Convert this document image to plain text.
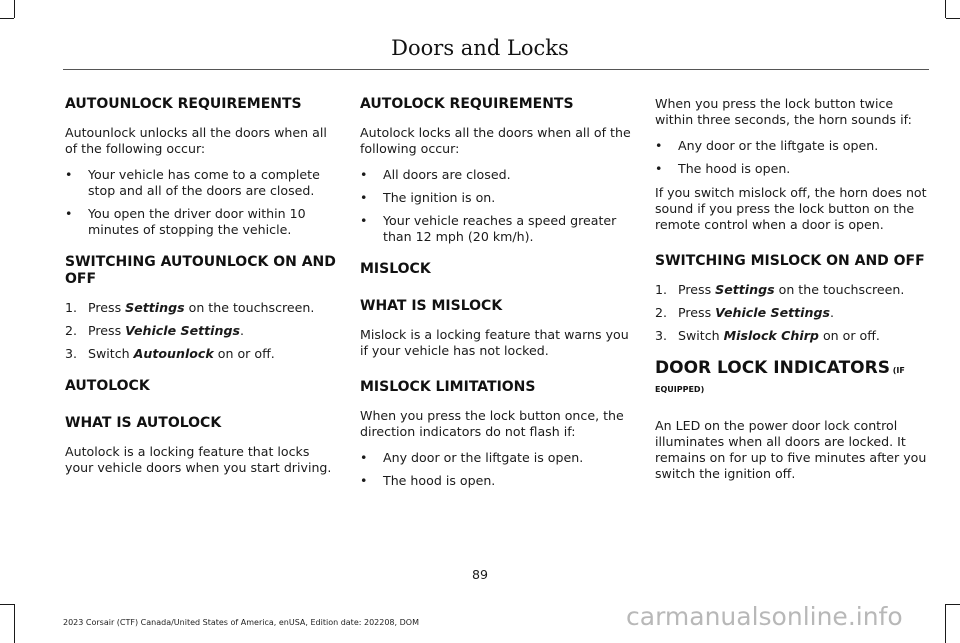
Doors and Locks
AUTOUNLOCK REQUIREMENTS

Autounlock unlocks all the doors when all of the following occur:

• Your vehicle has come to a complete stop and all of the doors are closed.
• You open the driver door within 10 minutes of stopping the vehicle.
SWITCHING AUTOUNLOCK ON AND OFF
1. Press Settings on the touchscreen.
2. Press Vehicle Settings.
3. Switch Autounlock on or off.
AUTOLOCK
WHAT IS AUTOLOCK

Autolock is a locking feature that locks your vehicle doors when you start driving.

AUTOLOCK REQUIREMENTS

Autolock locks all the doors when all of the following occur:

• All doors are closed.
• The ignition is on.
• Your vehicle reaches a speed greater than 12 mph (20 km/h).
MISLOCK
WHAT IS MISLOCK

Mislock is a locking feature that warns you if your vehicle has not locked.

MISLOCK LIMITATIONS

When you press the lock button once, the direction indicators do not flash if:

• Any door or the liftgate is open.
• The hood is open.

When you press the lock button twice within three seconds, the horn sounds if:

• Any door or the liftgate is open.
• The hood is open.

If you switch mislock off, the horn does not sound if you press the lock button on the remote control when a door is open.

SWITCHING MISLOCK ON AND OFF
1. Press Settings on the touchscreen.
2. Press Vehicle Settings.
3. Switch Mislock Chirp on or off.
DOOR LOCK INDICATORS (IF EQUIPPED)

An LED on the power door lock control illuminates when all doors are locked. It remains on for up to five minutes after you switch the ignition off.

89
2023 Corsair (CTF) Canada/United States of America, enUSA, Edition date: 202208, DOM	carmanualsonline.info
